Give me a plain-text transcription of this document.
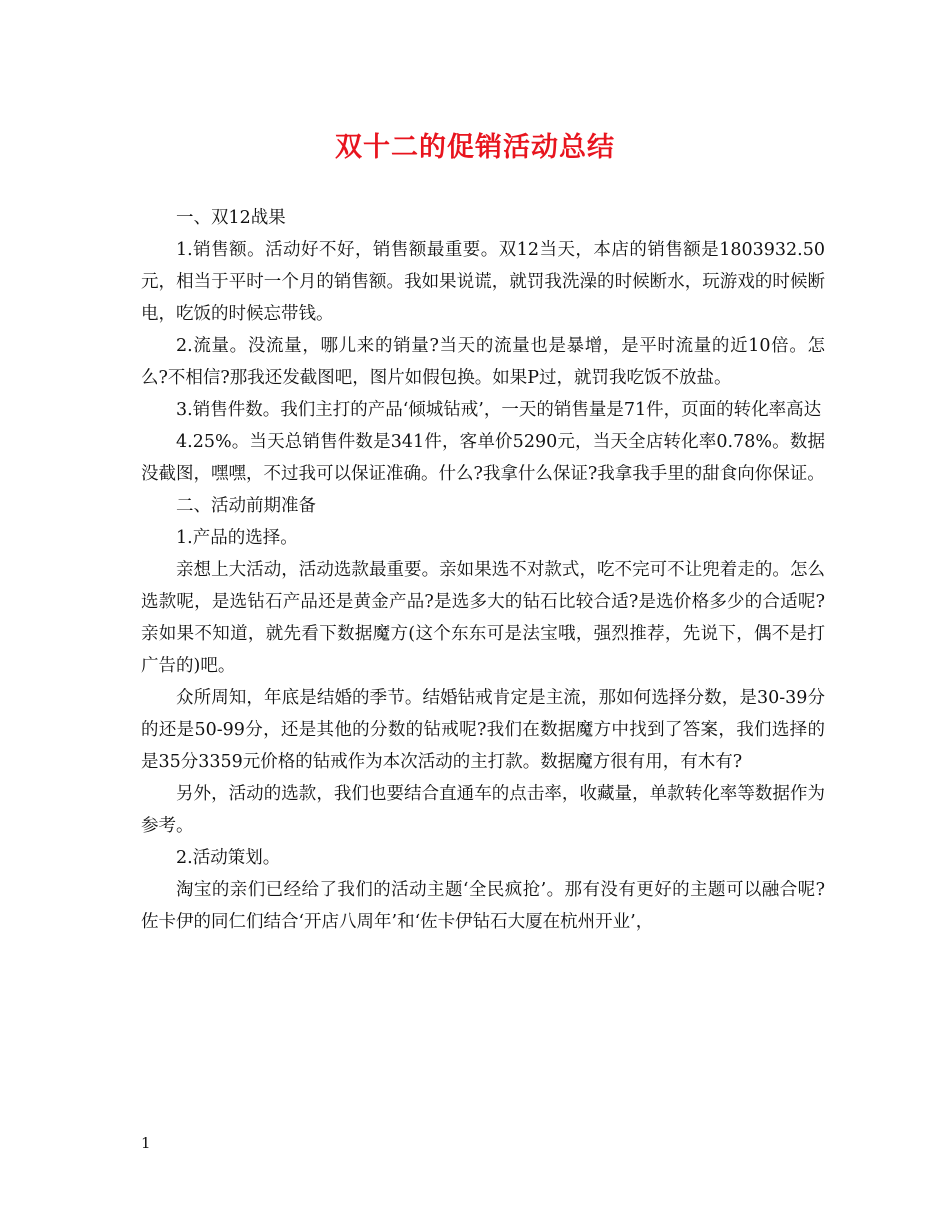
双十二的促销活动总结

一、双12战果

1.销售额。活动好不好，销售额最重要。双12当天，本店的销售额是1803932.50元，相当于平时一个月的销售额。我如果说谎，就罚我洗澡的时候断水，玩游戏的时候断电，吃饭的时候忘带钱。

2.流量。没流量，哪儿来的销量?当天的流量也是暴增，是平时流量的近10倍。怎么?不相信?那我还发截图吧，图片如假包换。如果P过，就罚我吃饭不放盐。

3.销售件数。我们主打的产品‘倾城钻戒’，一天的销售量是71件，页面的转化率高达

4.25%。当天总销售件数是341件，客单价5290元，当天全店转化率0.78%。数据没截图，嘿嘿，不过我可以保证准确。什么?我拿什么保证?我拿我手里的甜食向你保证。

二、活动前期准备

1.产品的选择。

亲想上大活动，活动选款最重要。亲如果选不对款式，吃不完可不让兜着走的。怎么选款呢，是选钻石产品还是黄金产品?是选多大的钻石比较合适?是选价格多少的合适呢?亲如果不知道，就先看下数据魔方(这个东东可是法宝哦，强烈推荐，先说下，偶不是打广告的)吧。

众所周知，年底是结婚的季节。结婚钻戒肯定是主流，那如何选择分数，是30-39分的还是50-99分，还是其他的分数的钻戒呢?我们在数据魔方中找到了答案，我们选择的是35分3359元价格的钻戒作为本次活动的主打款。数据魔方很有用，有木有?

另外，活动的选款，我们也要结合直通车的点击率，收藏量，单款转化率等数据作为参考。

2.活动策划。

淘宝的亲们已经给了我们的活动主题‘全民疯抢’。那有没有更好的主题可以融合呢?佐卡伊的同仁们结合‘开店八周年’和‘佐卡伊钻石大厦在杭州开业’，

1
